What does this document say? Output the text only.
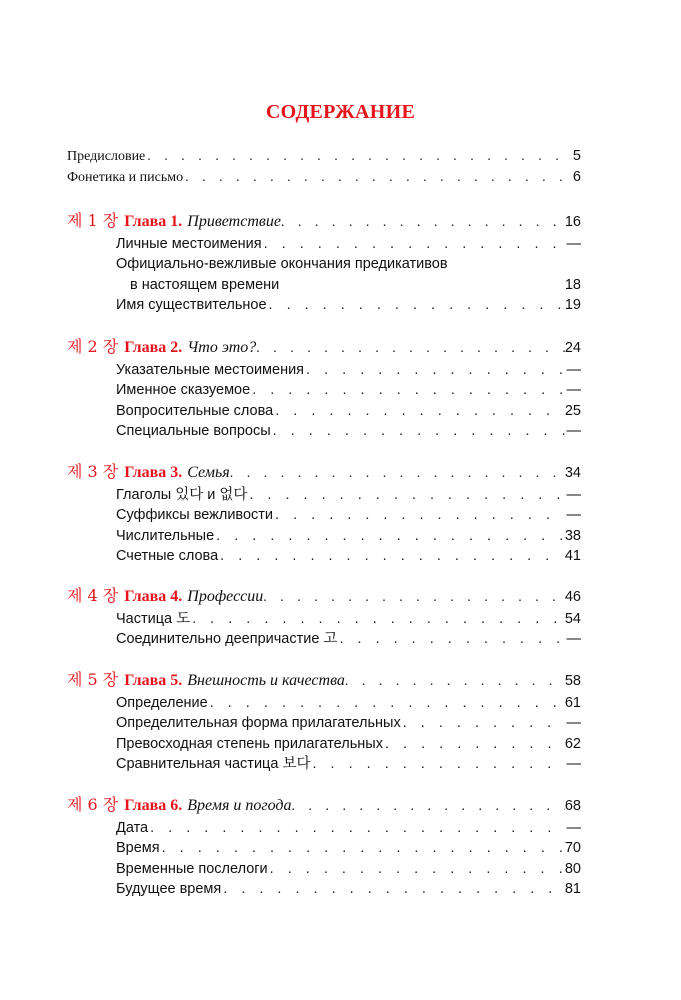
СОДЕРЖАНИЕ
Предисловие . . .	5
Фонетика и письмо . . .	6
제 1 장 Глава 1. Приветствие . . .	16
Личные местоимения . . .	—
Официально-вежливые окончания предикативов
в настоящем времени	18
Имя существительное . . .	19
제 2 장 Глава 2. Что это? . . .	24
Указательные местоимения . . .	—
Именное сказуемое . . .	—
Вопросительные слова . . .	25
Специальные вопросы . . .	—
제 3 장 Глава 3. Семья . . .	34
Глаголы 있다 и 없다 . . .	—
Суффиксы вежливости . . .	—
Числительные . . .	38
Счетные слова . . .	41
제 4 장 Глава 4. Профессии . . .	46
Частица 도 . . .	54
Соединительно деепричастие 고 . . .	—
제 5 장 Глава 5. Внешность и качества . . .	58
Определение . . .	61
Определительная форма прилагательных . . .	—
Превосходная степень прилагательных . . .	62
Сравнительная частица 보다 . . .	—
제 6 장 Глава 6. Время и погода . . .	68
Дата . . .	—
Время . . .	70
Временные послелоги . . .	80
Будущее время . . .	81
